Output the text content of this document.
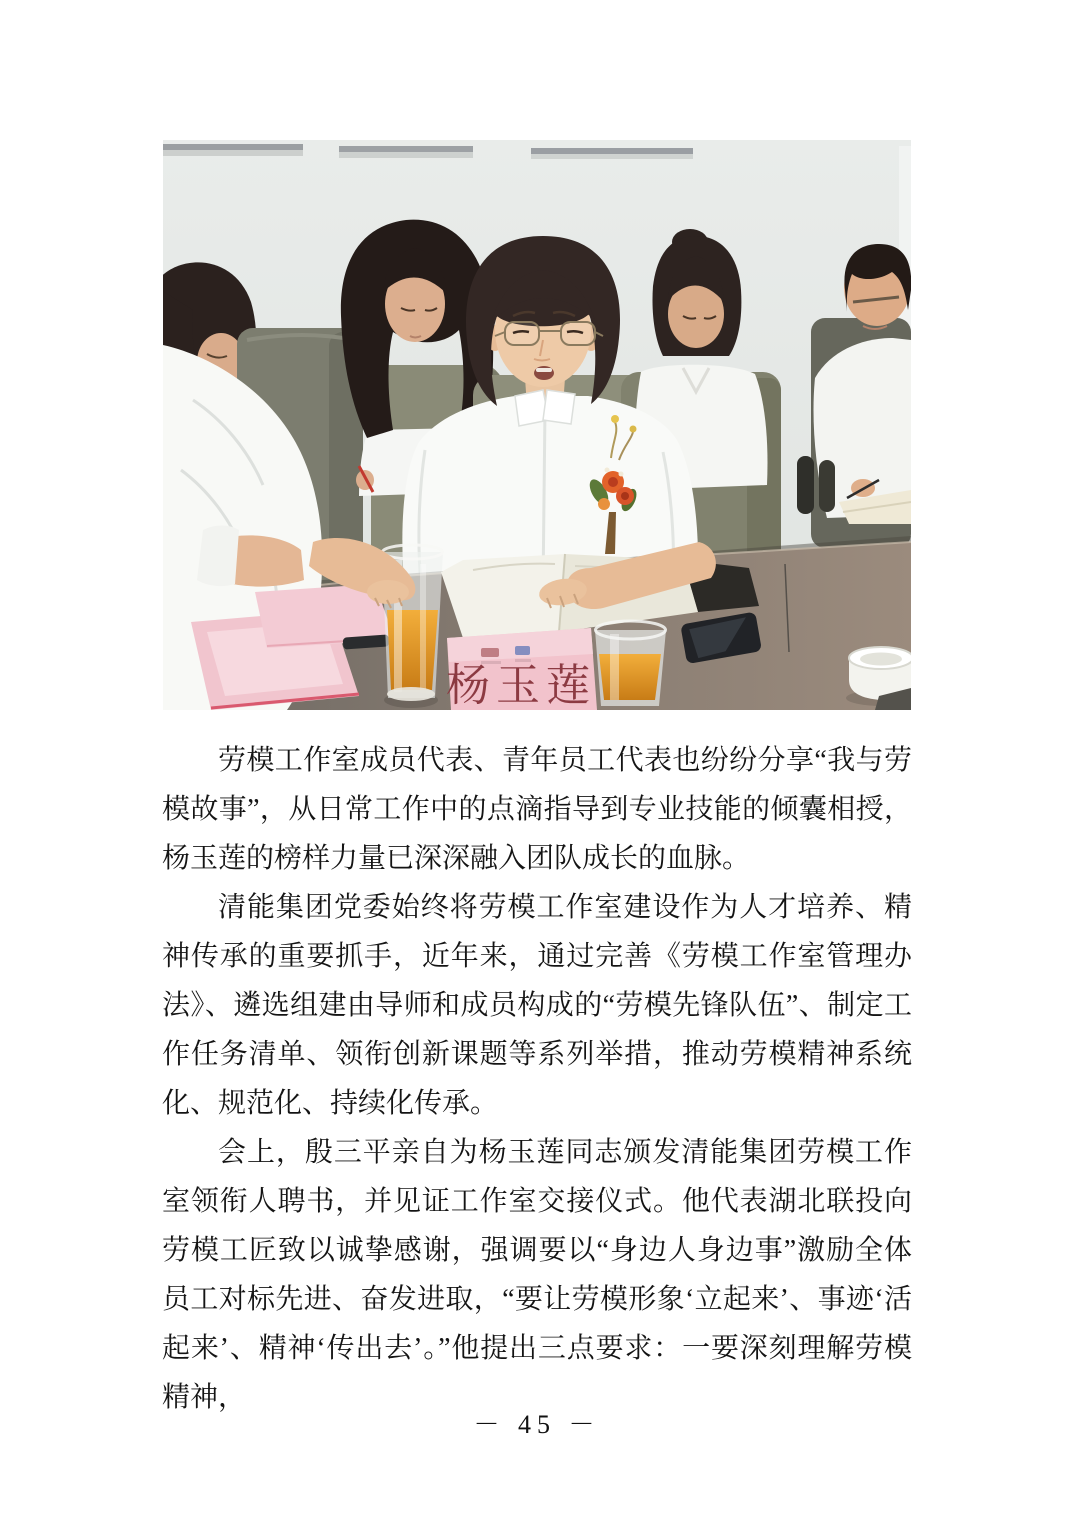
杨玉莲

劳模工作室成员代表、青年员工代表也纷纷分享“我与劳模故事”，从日常工作中的点滴指导到专业技能的倾囊相授，杨玉莲的榜样力量已深深融入团队成长的血脉。

清能集团党委始终将劳模工作室建设作为人才培养、精神传承的重要抓手，近年来，通过完善《劳模工作室管理办法》、遴选组建由导师和成员构成的“劳模先锋队伍”、制定工作任务清单、领衔创新课题等系列举措，推动劳模精神系统化、规范化、持续化传承。

会上，殷三平亲自为杨玉莲同志颁发清能集团劳模工作室领衔人聘书，并见证工作室交接仪式。他代表湖北联投向劳模工匠致以诚挚感谢，强调要以“身边人身边事”激励全体员工对标先进、奋发进取，“要让劳模形象‘立起来’、事迹‘活起来’、精神‘传出去’。”他提出三点要求：一要深刻理解劳模精神，

－ 45 －
